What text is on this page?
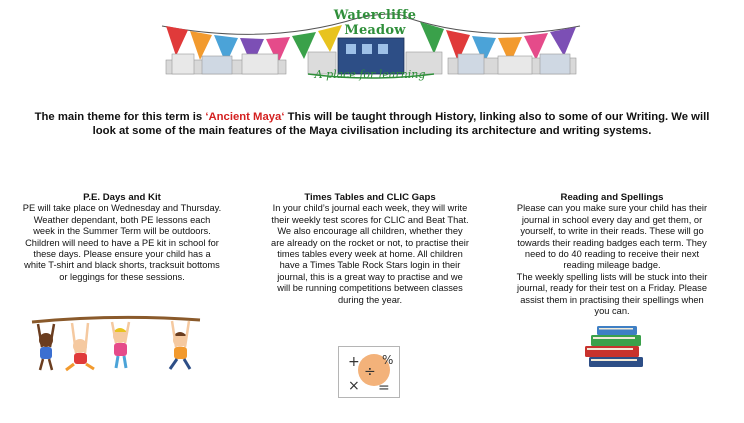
Watercliffe Meadow
A place for learning
The main theme for this term is ‘Ancient Maya‘ This will be taught through History, linking also to some of our Writing. We will look at some of the main features of the Maya civilisation including its architecture and writing systems.
P.E. Days and Kit

PE will take place on Wednesday and Thursday. Weather dependant, both PE lessons each week in the Summer Term will be outdoors. Children will need to have a PE kit in school for these days. Please ensure your child has a white T-shirt and black shorts, tracksuit bottoms or leggings for these sessions.

Times Tables and CLIC Gaps

In your child’s journal each week, they will write their weekly test scores for CLIC and Beat That. We also encourage all children, whether they are already on the rocket or not, to practise their times tables every week at home. All children have a Times Table Rock Stars login in their journal, this is a great way to practise and we will be running competitions between classes during the year.

Reading and Spellings

Please can you make sure your child has their journal in school every day and get them, or yourself, to write in their reads. These will go towards their reading badges each term. They need to do 40 reading to receive their next reading mileage badge.

The weekly spelling lists will be stuck into their journal, ready for their test on a Friday. Please assist them in practising their spellings when you can.

+
÷
× =
%
